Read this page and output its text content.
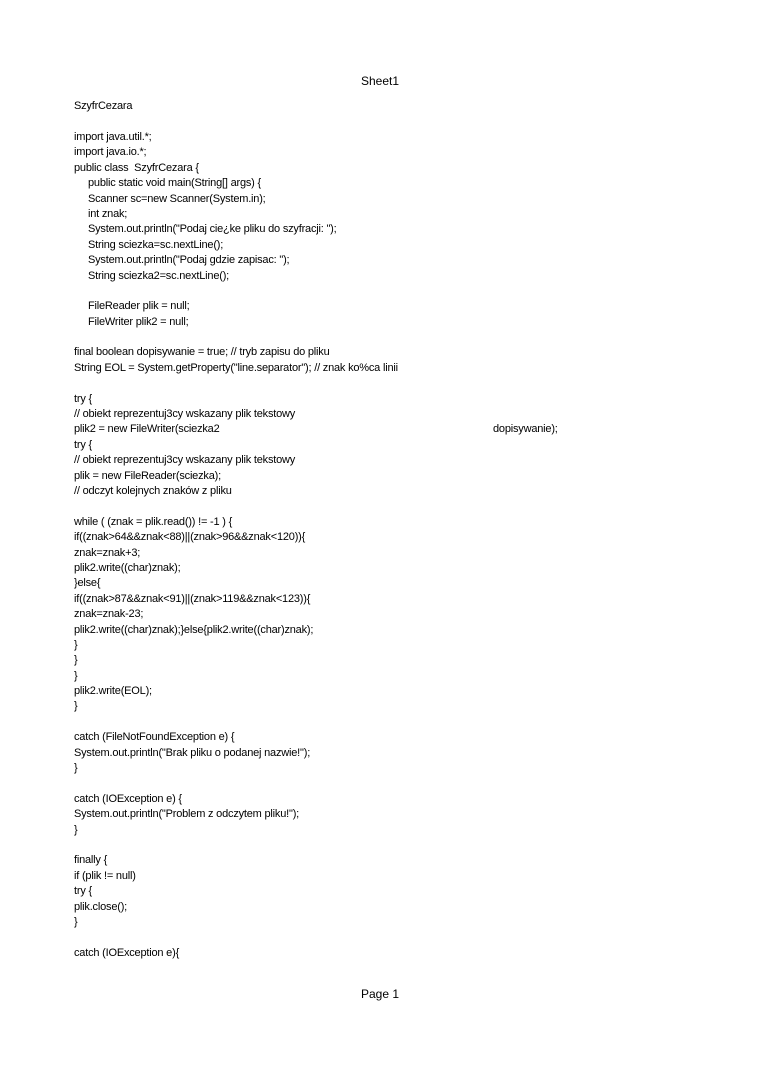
Sheet1
SzyfrCezara
import java.util.*;
import java.io.*;
public class  SzyfrCezara {
public static void main(String[] args) {
Scanner sc=new Scanner(System.in);
int znak;
System.out.println("Podaj cie¿ke pliku do szyfracji: ");
String sciezka=sc.nextLine();
System.out.println("Podaj gdzie zapisac: ");
String sciezka2=sc.nextLine();
FileReader plik = null;
FileWriter plik2 = null;
final boolean dopisywanie = true; // tryb zapisu do pliku
String EOL = System.getProperty("line.separator"); // znak ko%ca linii
try {
// obiekt reprezentuj3cy wskazany plik tekstowy
plik2 = new FileWriter(sciezka2	dopisywanie);
try {
// obiekt reprezentuj3cy wskazany plik tekstowy
plik = new FileReader(sciezka);
// odczyt kolejnych znaków z pliku
while ( (znak = plik.read()) != -1 ) {
if((znak>64&&znak<88)||(znak>96&&znak<120)){
znak=znak+3;
plik2.write((char)znak);
}else{
if((znak>87&&znak<91)||(znak>119&&znak<123)){
znak=znak-23;
plik2.write((char)znak);}else{plik2.write((char)znak);
}
}
}
plik2.write(EOL);
}
catch (FileNotFoundException e) {
System.out.println("Brak pliku o podanej nazwie!");
}
catch (IOException e) {
System.out.println("Problem z odczytem pliku!");
}
finally {
if (plik != null)
try {
plik.close();
}
catch (IOException e){
Page 1
